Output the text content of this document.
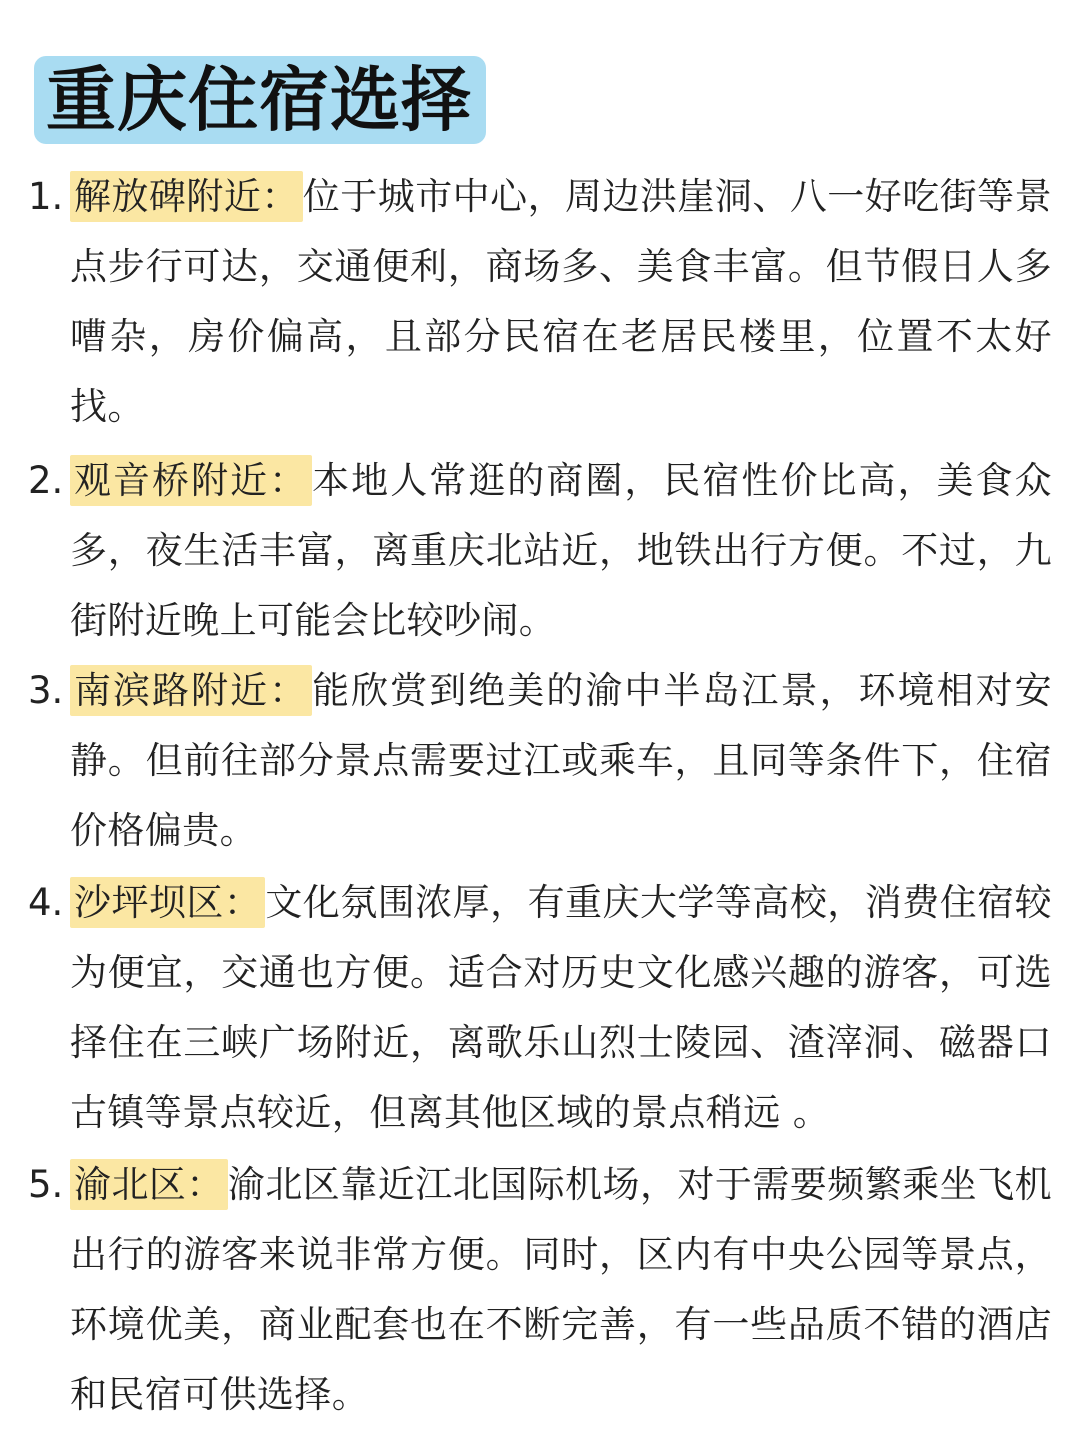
重庆住宿选择
1. 解放碑附近： 位于城市中心，周边洪崖洞、八一好吃街等景点步行可达，交通便利，商场多、美食丰富。但节假日人多嘈杂，房价偏高，且部分民宿在老居民楼里，位置不太好找。
2. 观音桥附近： 本地人常逛的商圈，民宿性价比高，美食众多，夜生活丰富，离重庆北站近，地铁出行方便。不过，九街附近晚上可能会比较吵闹。
3. 南滨路附近： 能欣赏到绝美的渝中半岛江景，环境相对安静。但前往部分景点需要过江或乘车，且同等条件下，住宿价格偏贵。
4. 沙坪坝区： 文化氛围浓厚，有重庆大学等高校，消费住宿较为便宜，交通也方便。适合对历史文化感兴趣的游客，可选择住在三峡广场附近，离歌乐山烈士陵园、渣滓洞、磁器口古镇等景点较近，但离其他区域的景点稍远 。
5. 渝北区： 渝北区靠近江北国际机场，对于需要频繁乘坐飞机出行的游客来说非常方便。同时，区内有中央公园等景点，环境优美，商业配套也在不断完善，有一些品质不错的酒店和民宿可供选择。
